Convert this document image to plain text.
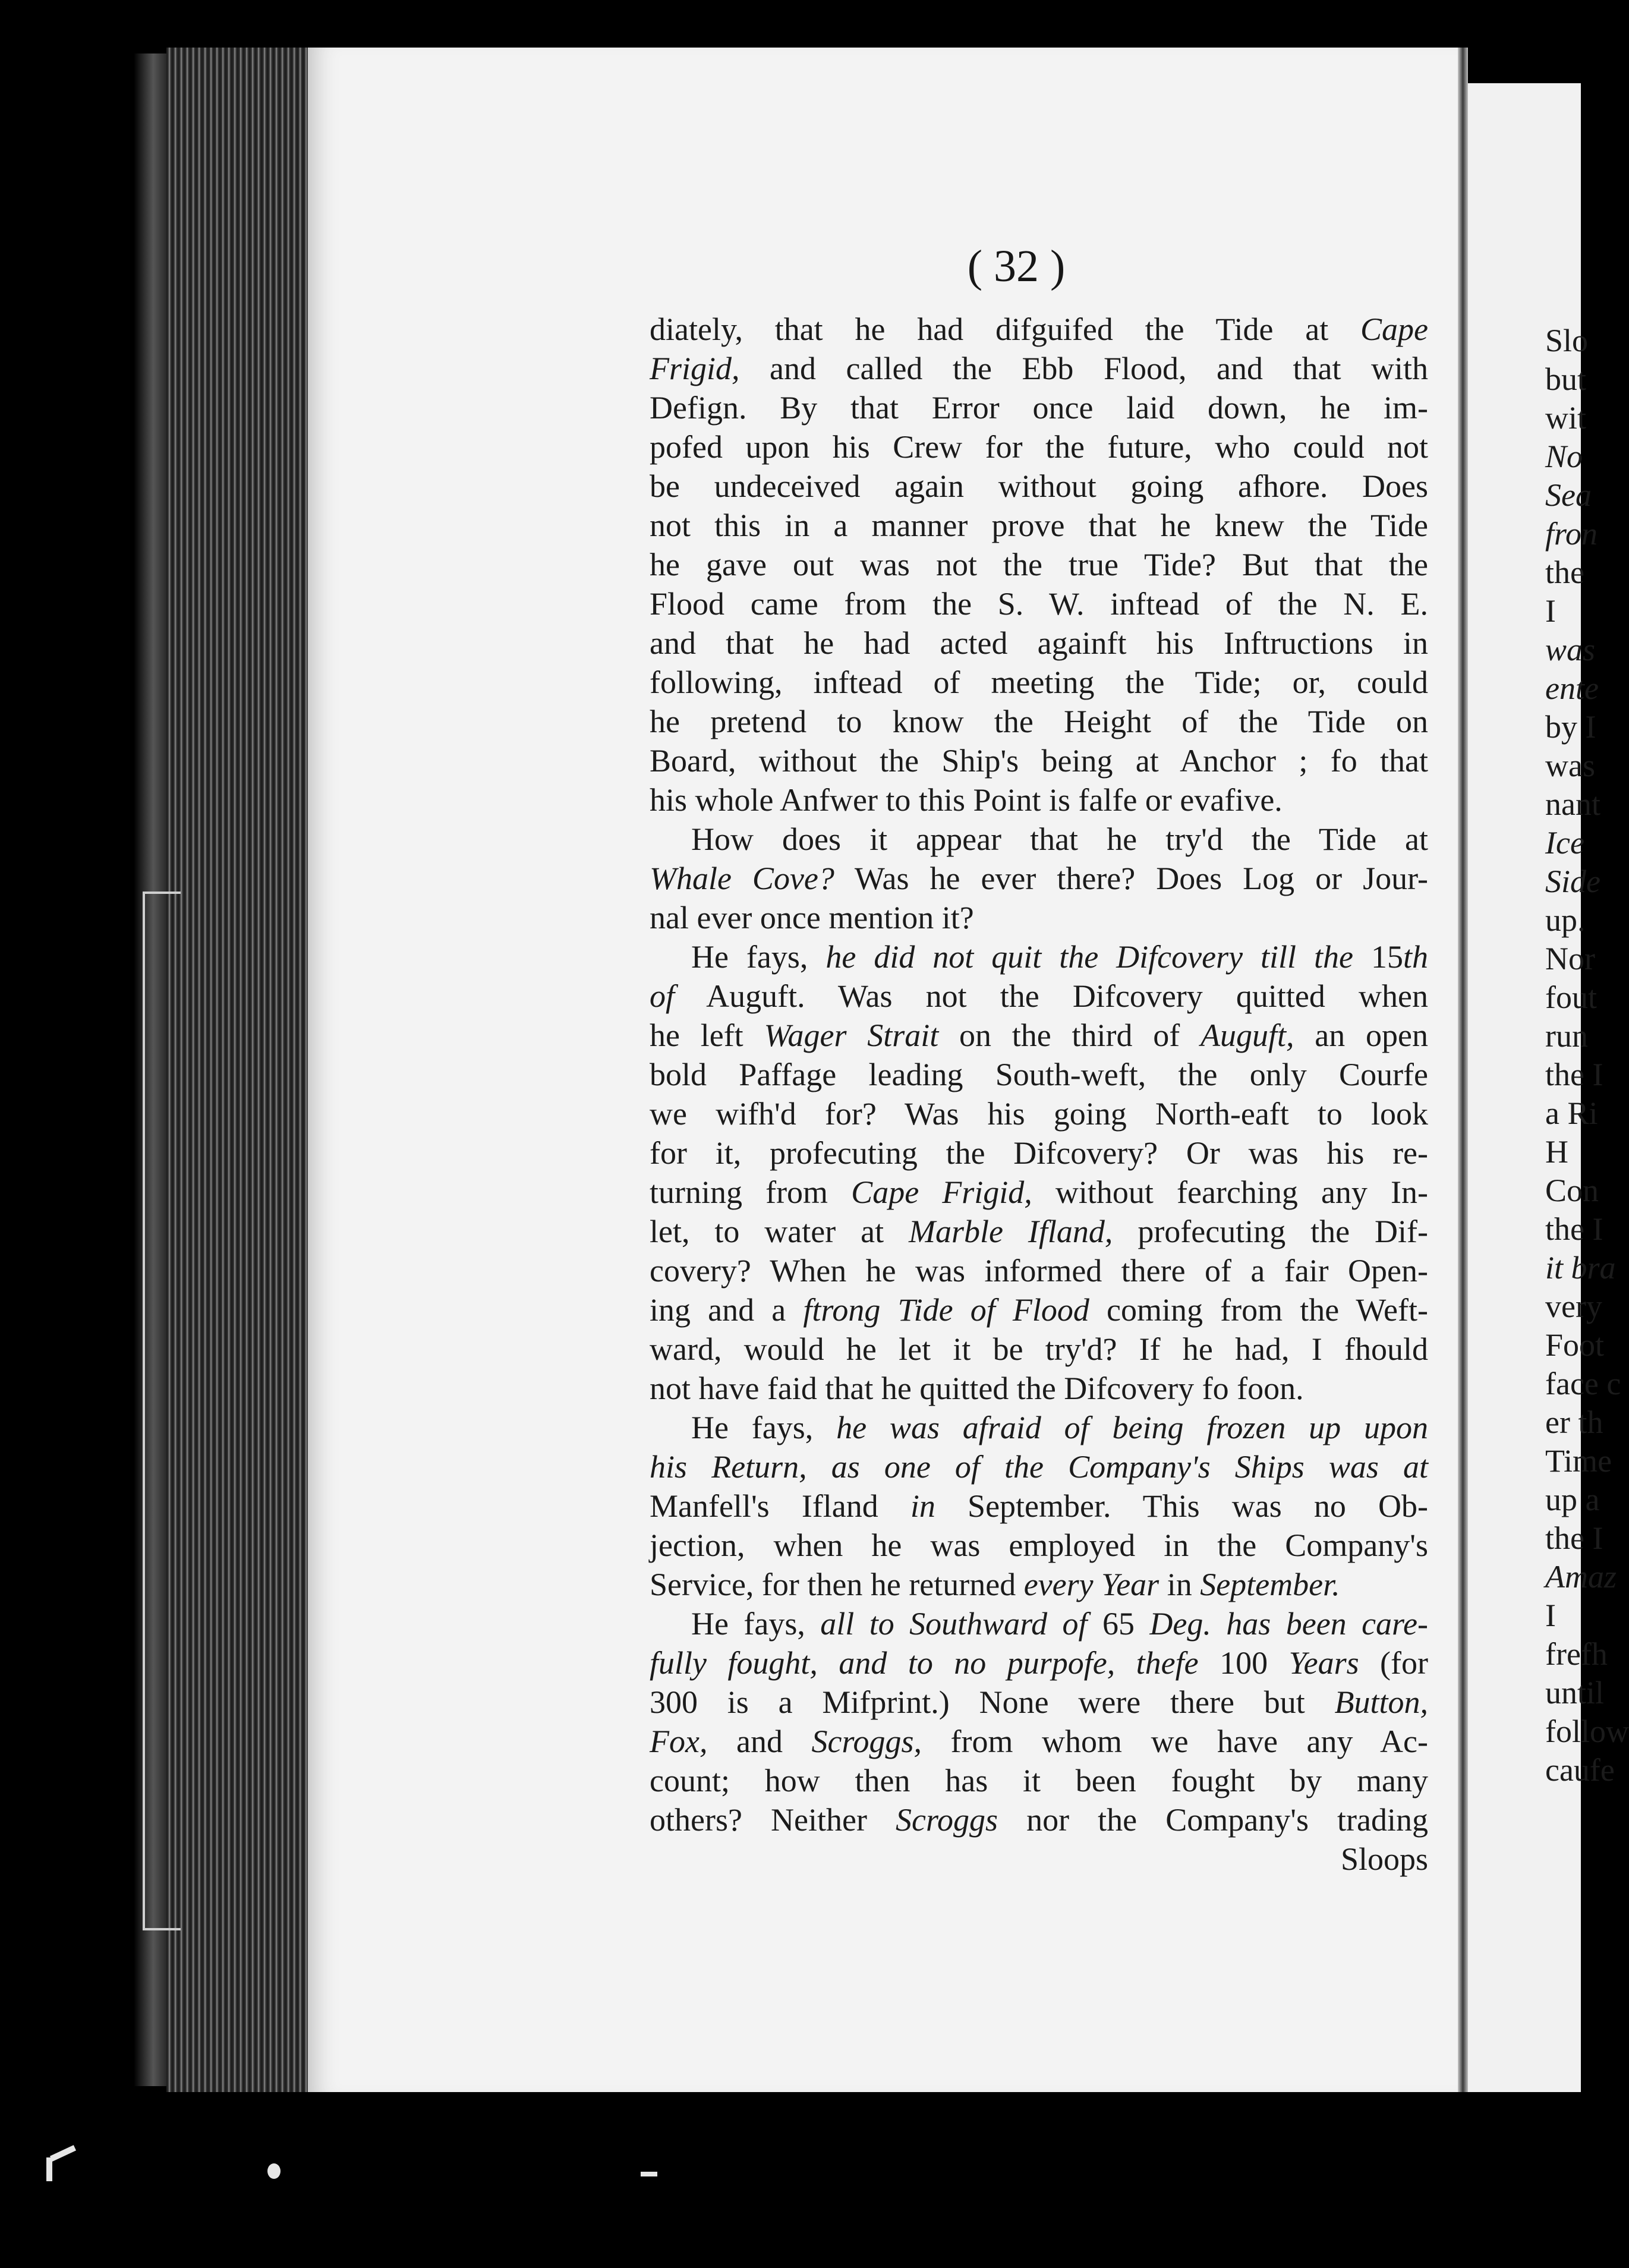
( 32 )
diately, that he had difguifed the Tide at Cape
Frigid, and called the Ebb Flood, and that with
Defign. By that Error once laid down, he im-
pofed upon his Crew for the future, who could not
be undeceived again without going afhore. Does
not this in a manner prove that he knew the Tide
he gave out was not the true Tide? But that the
Flood came from the S. W. inftead of the N. E.
and that he had acted againft his Inftructions in
following, inftead of meeting the Tide; or, could
he pretend to know the Height of the Tide on
Board, without the Ship's being at Anchor ; fo that
his whole Anfwer to this Point is falfe or evafive.
How does it appear that he try'd the Tide at
Whale Cove? Was he ever there? Does Log or Jour-
nal ever once mention it?
He fays, he did not quit the Difcovery till the 15th
of Auguft. Was not the Difcovery quitted when
he left Wager Strait on the third of Auguft, an open
bold Paffage leading South-weft, the only Courfe
we wifh'd for? Was his going North-eaft to look
for it, profecuting the Difcovery? Or was his re-
turning from Cape Frigid, without fearching any In-
let, to water at Marble Ifland, profecuting the Dif-
covery? When he was informed there of a fair Open-
ing and a ftrong Tide of Flood coming from the Weft-
ward, would he let it be try'd? If he had, I fhould
not have faid that he quitted the Difcovery fo foon.
He fays, he was afraid of being frozen up upon
his Return, as one of the Company's Ships was at
Manfell's Ifland in September. This was no Ob-
jection, when he was employed in the Company's
Service, for then he returned every Year in September.
He fays, all to Southward of 65 Deg. has been care-
fully fought, and to no purpofe, thefe 100 Years (for
300 is a Mifprint.) None were there but Button,
Fox, and Scroggs, from whom we have any Ac-
count; how then has it been fought by many
others? Neither Scroggs nor the Company's trading
Sloops
Slo
but
wit
No
Sea
fron
the
I
was
ente
by I
was
nant
Ice
Side
up.
Nor
fout
run
the I
a Ri
H
Con
the I
it bra
very
Foot
face c
er th
Time
up a
the I
Amaz
I
frefh
until
follow
caufe
